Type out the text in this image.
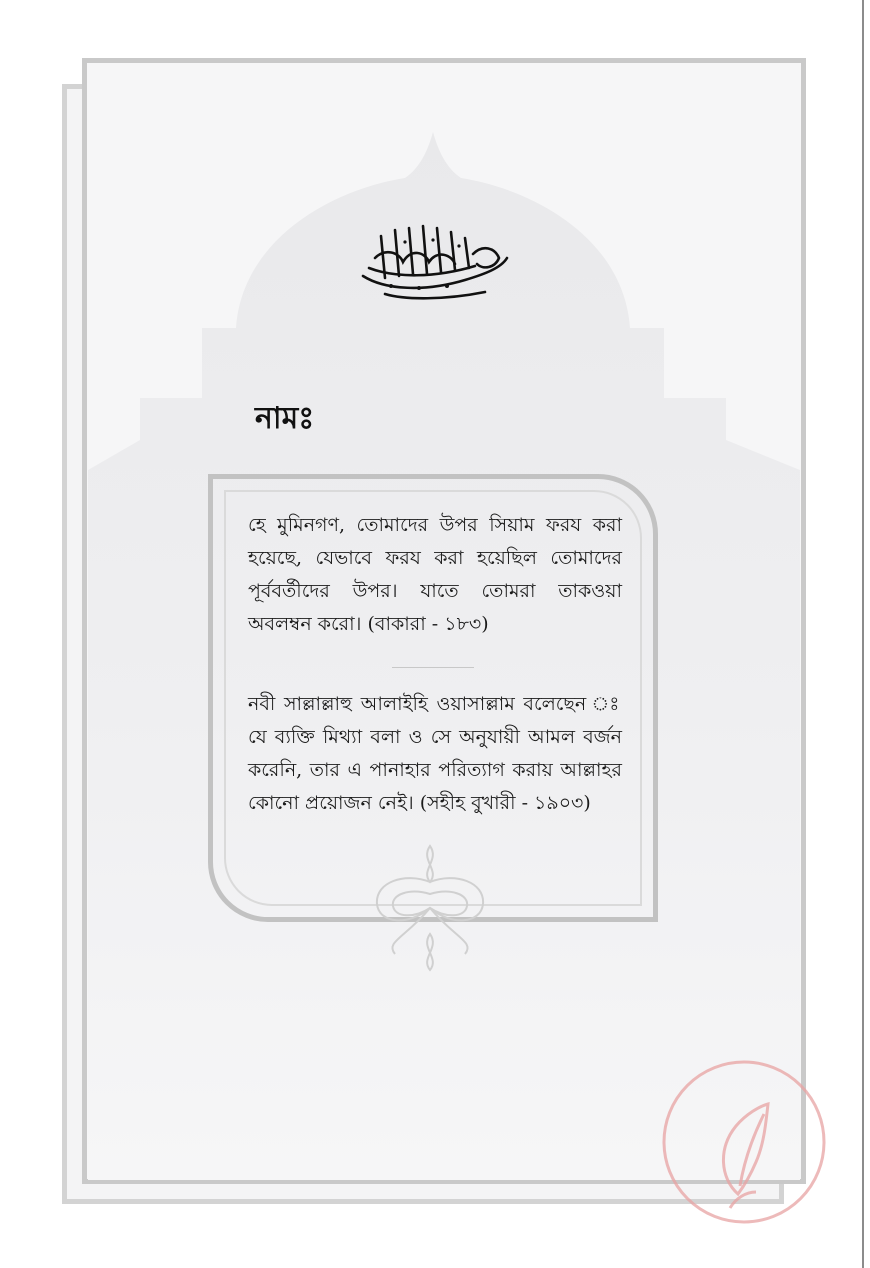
নামঃ
হে মুমিনগণ, তোমাদের উপর সিয়াম ফরয করা হয়েছে, যেভাবে ফরয করা হয়েছিল তোমাদের পূর্ববর্তীদের উপর। যাতে তোমরা তাকওয়া অবলম্বন করো। (বাকারা - ১৮৩)
নবী সাল্লাল্লাহু আলাইহি ওয়াসাল্লাম বলেছেন ঃ যে ব্যক্তি মিথ্যা বলা ও সে অনুযায়ী আমল বর্জন করেনি, তার এ পানাহার পরিত্যাগ করায় আল্লাহর কোনো প্রয়োজন নেই। (সহীহ বুখারী - ১৯০৩)
